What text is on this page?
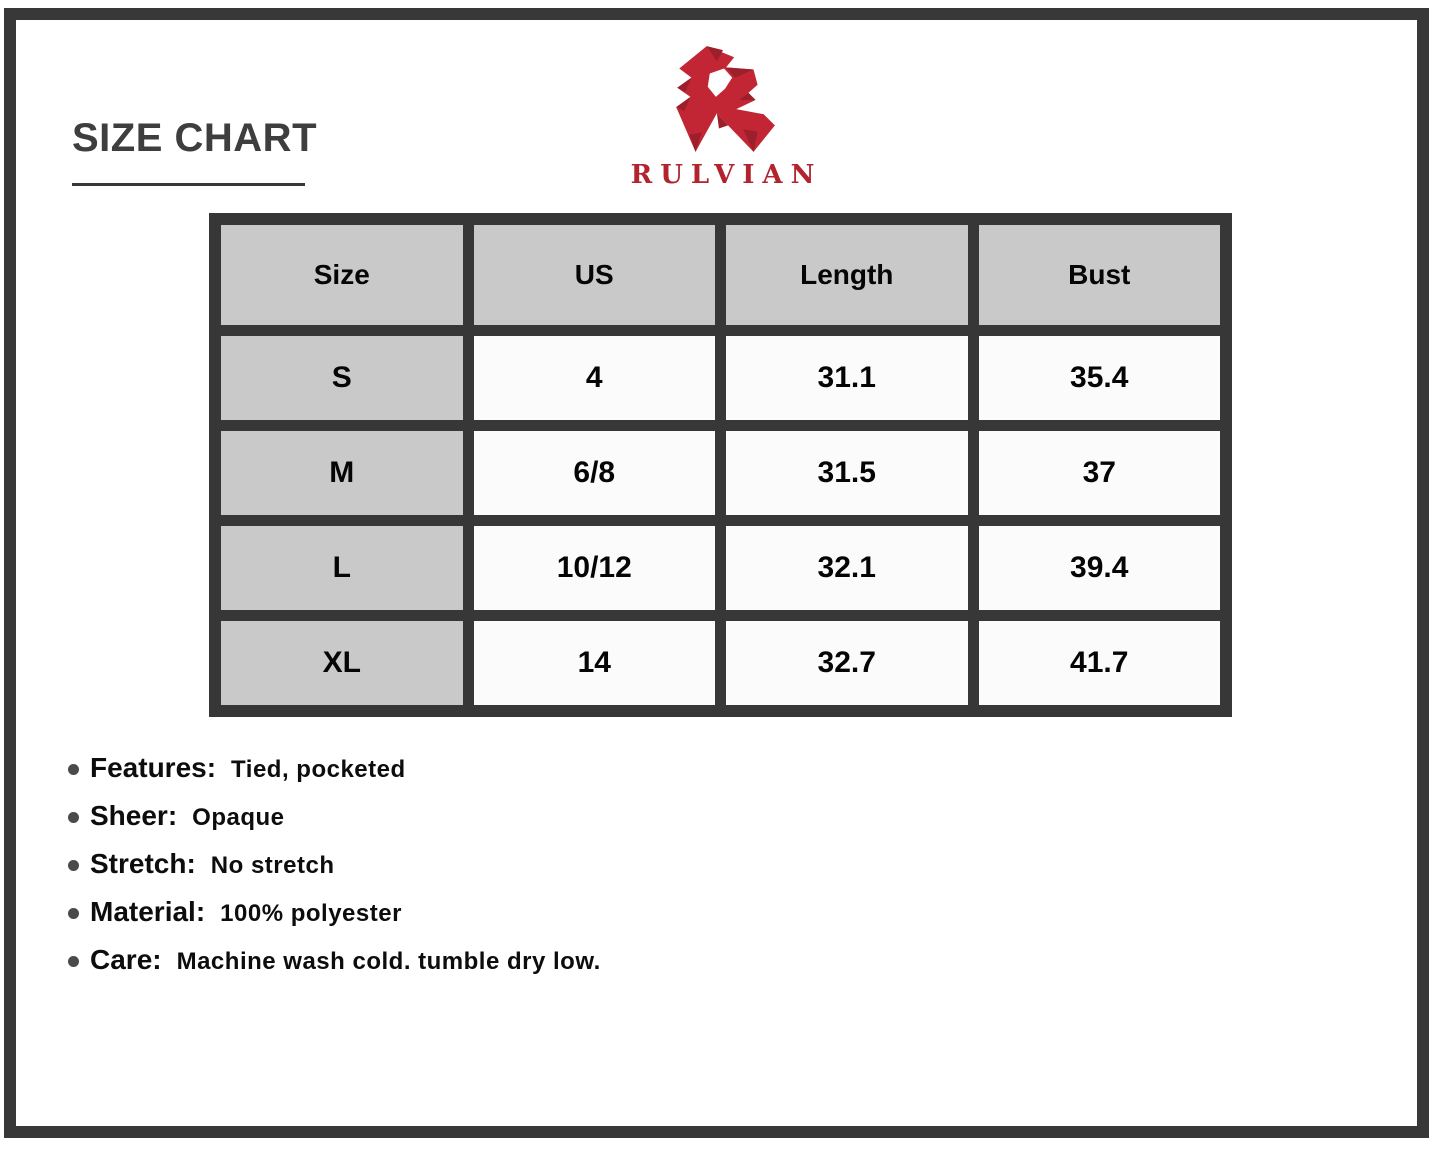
SIZE CHART
RULVIAN
Size	US	Length	Bust
S	4	31.1	35.4
M	6/8	31.5	37
L	10/12	32.1	39.4
XL	14	32.7	41.7
Features: Tied, pocketed
Sheer: Opaque
Stretch: No stretch
Material: 100% polyester
Care: Machine wash cold. tumble dry low.
